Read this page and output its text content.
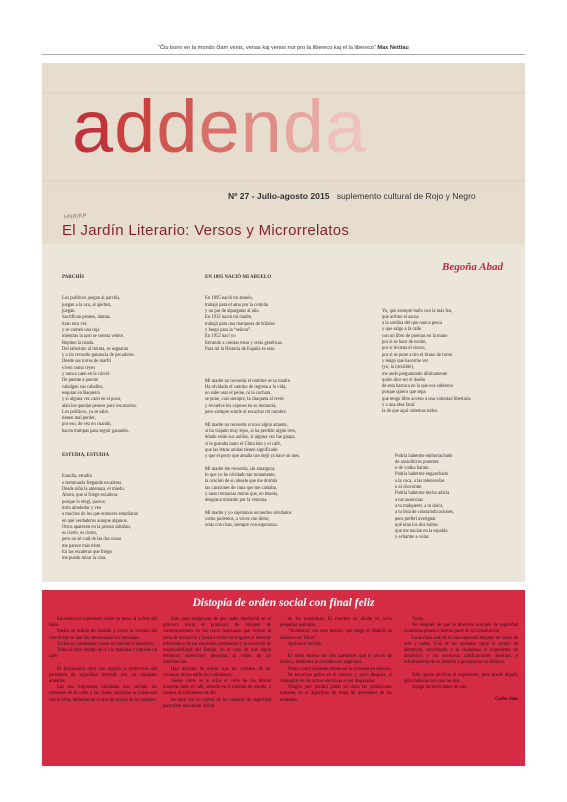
“Ĉiu bono en la mondo ĉiam venis, venas kaj venos nur pro la libereco kaj el la libereco” Max Nettlau
addenda
Nº 27 - Julio-agosto 2015 suplemento cultural de Rojo y Negro
HNR/KP
El Jardín Literario: Versos y Microrrelatos
Begoña Abad

PARCHÍS

Los políticos juegan al parchís,
juegan a la oca, al ajedrez,
juegan.
Sacrifican peones, damas,
tiran otra vez
y se comen una roja
mientras la azul se cuenta veinte.
Repiten la tirada.
Del laberinto al treinta, se seguaran
y a río revuelto ganancia de pecadores.
Desde sus torres de marfil
viven como reyes
y nunca caen en la cárcel.
De puente a puente
cabalgan sus caballos,
esquían en Baqueira
y si alguna vez caen en el pozo,
alan los quedan peones para rescatarlos.
Los políticos, ya se sabe,
tienen mal perder,
por eso, de vez en cuando,
hacen trampas para seguir ganando.

ESTUDIA, ESTUDIA

Estudia, estudia
o terminarás fregando escaleras.
Desde niña la amenaza, el miedo.
Ahora, que sí friego escaleras
porque lo elegí, parece,
miro alrededor y veo
a muchos de los que entonces estudiaron
en qué verdaderos aunque algunos.
Otros aparecen en la prensa saltaños,
es cierto, es cierto,
pero no sé cuál de las dos cosas
me parece más triste.
En las escaleras que friego
me puedo mirar la cara.

EN 1895 NACIÓ MI ABUELO

En 1895 nació mi abuelo,
trabajó para el amo por la comida
y un par de alpargatas al año.
En 1932 nació mi madre,
trabajó para una marquesa de búfalos
y luego para la “señora”.
En 1952 nací yo
llevando a cuestas estas y otras genéticas.
Para mí la Historia de España es esto.

Mi madre no recuerda el nombre se su madre.
Ha olvidado el camino de regreso a la vida,
no sabe usar el peine, ni la cuchara,
se pone, casi siempre, la chaqueta al revés
y revuelve los cajones en su memoria,
pero siempre sonríe al escuchar mi nombre.

Mi madre no recuerda si tuvo algún amante,
si ha viajado muy lejos, si ha perdido algún tren,
dónde están sus anillos, si alguna vez fue guapa,
si le gustaba tanto el Chinchón y el café,
que las letras unidas tienen significado
y que el perro que amaba nos dejó ya hace un mes.

Mi madre me recuerda, sin amargura,
lo que yo he olvidado tan tontamente,
la oración de su abuela que me dormía
las canciones de cuna que me cantaba,
y unas romanzas moras que, en letanía,
desgrana mirando por la ventana.

Mi madre y yo sujetamos recuerdos olvidados
como podemos, a veces con dolor,
otras con risas, siempre con esperanza.

Yo, que siempre bailo con la más fea,
que arrimo el ascua
a la sardina del que nunca pesca
y que salgo a la calle
con un libro de poemas en la mano
por si se hace de noche,
por si levanta el cierzo,
por si se pone a tiro el tirano de turno
y tengo que hacerme ver
(yo, la invisible),
me ando preguntando últimamente
quién dice ser el dueño
de esta barraca en la que nos subieron
porque quiero que sepa
que tengo libre acceso a una voluntad libertaria
y a una idea fatal:
la de que aquí cabemos todos.

Podría haberme emborrachado
de ansiolíticos potentes
o de vodka barato.
Podría haberme enganchado
a la coca, a las telenovelas
o al chocolate.
Podría haberme hecho adicta
a tus ausencias
a tu malquerer, a tu dolor,
a tu lista de contraindicaciones,
pero preferí averiguar
qué eran los dos bultos
que me nacían en la espalda
y echarme a volar.

Distopía de orden social con final feliz

Encuentra el expediente sobre su mesa al volver del baño.

Suelta un bufido de fastidio y cierra la ventana del chat donde se han ido amontonado los mensajes.

Teclea su contraseña y pone en marcha el operativo.

Todavía tiene tiempo de ir a la máquina y tomarse un café.

…

El funcionario mira con orgullo la perfección del perímetro de seguridad formado por las unidades armadas.

Las dos furgonetas blindadas han cerrado los extremos de la calle y las cintas amarillas se balancean con la brisa, delimitando el área de acción de los agentes.

Sólo para asegurarse de que nadie interferirá en el proceso, inicia el protocolo de bloqueo de comunicaciones en las cinco manzanas que rodean la zona de actuación y lanza a todos los hogares el mensaje informativo de las sanciones pertinentes y la exención de responsabilidad del Estado, en el caso de que algún elemento subversivo desoyera la orden de no intervención.

Hay miradas de miedo tras los cristales de las ventanas de los edificios colindantes.

Siente cómo se le eriza el vello de los brazos mientras bebe el café, sentado en el módulo de mando, a cientos de kilómetros de allí.

Se hace con el control de las cámaras de seguridad para tener una mejor visión

de las maniobras. El monitor se divide en ocho pequeñas pantallas.

“Acabemos con esta mierda, que juega el Madrid un amistoso en Tokio”.

Aprieta el teclado.

…

El robot mueve los tres apéndices que le sirven de dedos y desmonta la cerradura en segundos.

Otras cuatro unidades entran en la vivienda en silencio.

Se escuchan gritos en el interior y, poco después, el chasquido de las armas eléctricas al ser disparadas.

Ningún juez pondrá jamás en duda las grabaciones tomadas en el algoritmo de toma de decisiones de las unidades.

Ya no.

No después de que la directiva europea de seguridad ciudadana pasara a formar parte de la Constitución.

La anciana sale de la casa esposada dejando un rastro de orín y babas. Una de las unidades sigue al cortejo de detención, recordando a la ciudadana el expediente de desahucio y las sucesivas notificaciones desoídas, e informándola de su derecho a permanecer en silencio.

…

Sólo queda archivar el expediente, pero puede dejarlo para mañana; son casi las dos.

Apaga las luces antes de salir.

Carlos Sáez
